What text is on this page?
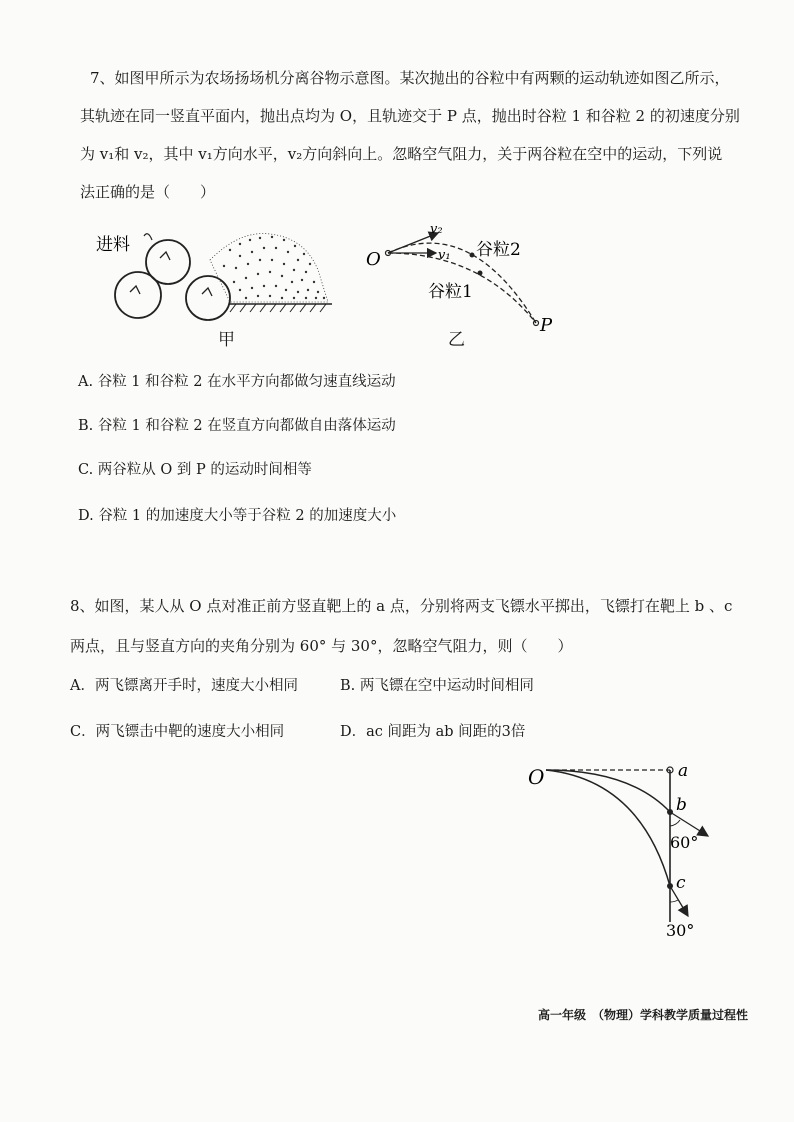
7、如图甲所示为农场扬场机分离谷物示意图。某次抛出的谷粒中有两颗的运动轨迹如图乙所示，
其轨迹在同一竖直平面内，抛出点均为 O，且轨迹交于 P 点，抛出时谷粒 1 和谷粒 2 的初速度分别
为 v₁和 v₂，其中 v₁方向水平，v₂方向斜向上。忽略空气阻力，关于两谷粒在空中的运动，下列说
法正确的是（　　）
进料
甲
O
v₂
v₁ 谷粒2
谷粒1
P
乙
A. 谷粒 1 和谷粒 2 在水平方向都做匀速直线运动
B. 谷粒 1 和谷粒 2 在竖直方向都做自由落体运动
C. 两谷粒从 O 到 P 的运动时间相等
D. 谷粒 1 的加速度大小等于谷粒 2 的加速度大小
8、如图，某人从 O 点对准正前方竖直靶上的 a 点，分别将两支飞镖水平掷出，飞镖打在靶上 b 、c
两点，且与竖直方向的夹角分别为 60° 与 30°，忽略空气阻力，则（　　）
A．两飞镖离开手时，速度大小相同	B. 两飞镖在空中运动时间相同
C．两飞镖击中靶的速度大小相同	D．ac 间距为 ab 间距的3倍
O	a
b
60°
c
30°
高一年级　（物理）学科教学质量过程性
